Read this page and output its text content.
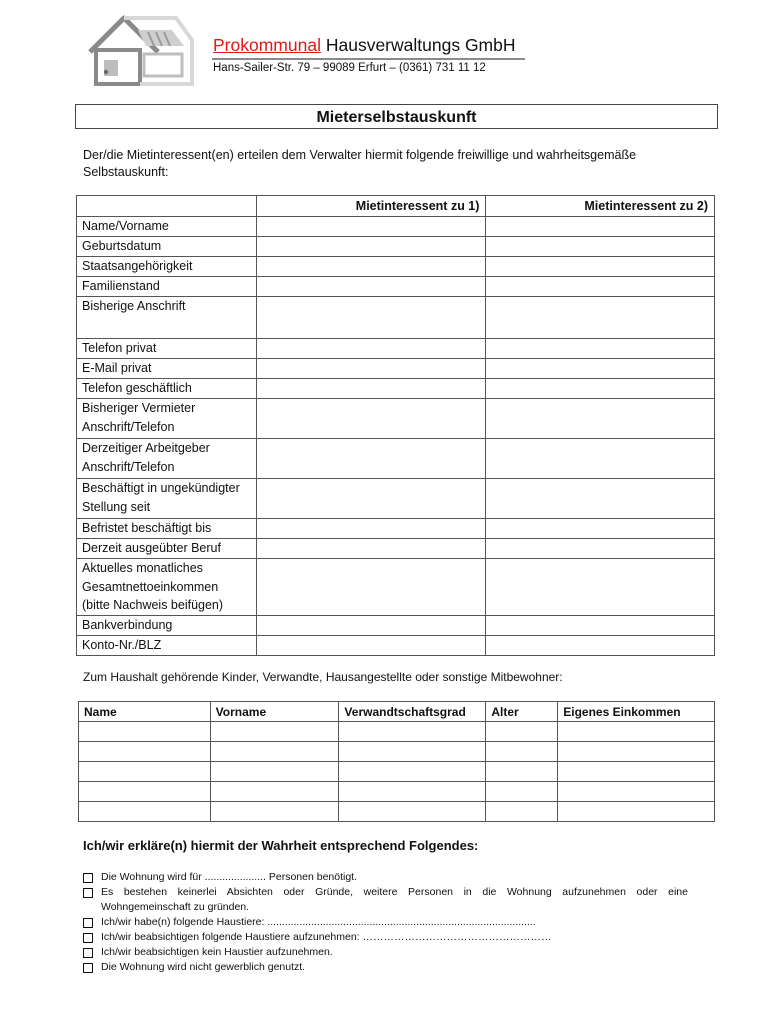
Prokommunal Hausverwaltungs GmbH
Hans-Sailer-Str. 79 – 99089 Erfurt – (0361) 731 11 12
Mieterselbstauskunft
Der/die Mietinteressent(en) erteilen dem Verwalter hiermit folgende freiwillige und wahrheitsgemäße Selbstauskunft:
	Mietinteressent zu 1)	Mietinteressent zu 2)

Name/Vorname		

Geburtsdatum		

Staatsangehörigkeit		

Familienstand		

Bisherige Anschrift		

Telefon privat		

E-Mail privat		

Telefon geschäftlich		

Bisheriger Vermieter
Anschrift/Telefon		

Derzeitiger Arbeitgeber
Anschrift/Telefon		

Beschäftigt in ungekündigter
Stellung seit		

Befristet beschäftigt bis		

Derzeit ausgeübter Beruf		

Aktuelles monatliches
Gesamtnettoeinkommen
(bitte Nachweis beifügen)		

Bankverbindung		

Konto-Nr./BLZ		

Zum Haushalt gehörende Kinder, Verwandte, Hausangestellte oder sonstige Mitbewohner:
Name	Vorname	Verwandtschaftsgrad	Alter	Eigenes Einkommen

Ich/wir erkläre(n) hiermit der Wahrheit entsprechend Folgendes:
Die Wohnung wird für ..................... Personen benötigt.
Es bestehen keinerlei Absichten oder Gründe, weitere Personen in die Wohnung aufzunehmen oder eine
Wohngemeinschaft zu gründen.
Ich/wir habe(n) folgende Haustiere: ............................................................................................
Ich/wir beabsichtigen folgende Haustiere aufzunehmen: ………………………………………………
Ich/wir beabsichtigen kein Haustier aufzunehmen.
Die Wohnung wird nicht gewerblich genutzt.
